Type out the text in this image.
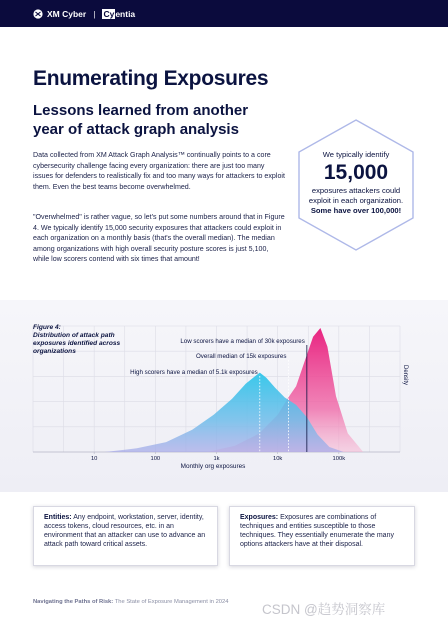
XM Cyber | Cy entia
Enumerating Exposures
Lessons learned from another year of attack graph analysis

Data collected from XM Attack Graph Analysis™ continually points to a core cybersecurity challenge facing every organization: there are just too many issues for defenders to realistically fix and too many ways for attackers to exploit them. Even the best teams become overwhelmed.

"Overwhelmed" is rather vague, so let's put some numbers around that in Figure 4. We typically identify 15,000 security exposures that attackers could exploit in each organization on a monthly basis (that's the overall median). The median among organizations with high overall security posture scores is just 5,100, while low scorers contend with six times that amount!

We typically identify
15,000
exposures attackers could exploit in each organization. Some have over 100,000!
Low scorers have a median of 30k exposures
Overall median of 15k exposures
High scorers have a median of 5.1k exposures
10	100	1k	10k	100k
Monthly org exposures
Density
Figure 4:
Distribution of attack path exposures identified across organizations
Entities: Any endpoint, workstation, server, identity, access tokens, cloud resources, etc. in an environment that an attacker can use to advance an attack path toward critical assets.
Exposures: Exposures are combinations of techniques and entities susceptible to those techniques. They essentially enumerate the many options attackers have at their disposal.
Navigating the Paths of Risk: The State of Exposure Management in 2024 CSDN @趋势洞察库
